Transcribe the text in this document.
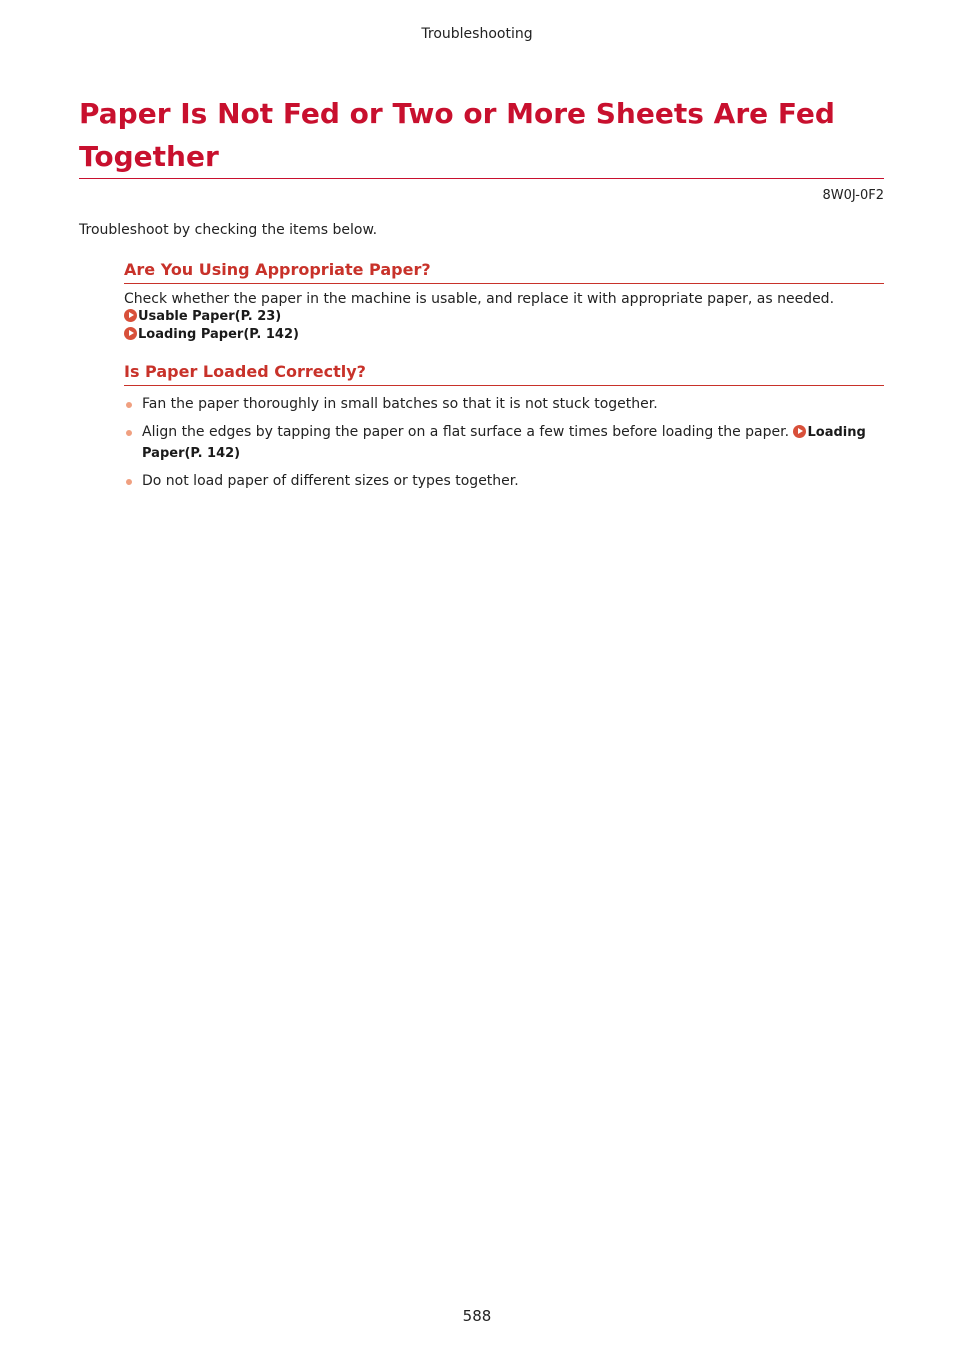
Troubleshooting
Paper Is Not Fed or Two or More Sheets Are Fed Together
8W0J-0F2
Troubleshoot by checking the items below.
Are You Using Appropriate Paper?
Check whether the paper in the machine is usable, and replace it with appropriate paper, as needed.
Usable Paper(P. 23)
Loading Paper(P. 142)
Is Paper Loaded Correctly?
Fan the paper thoroughly in small batches so that it is not stuck together.
Align the edges by tapping the paper on a flat surface a few times before loading the paper. Loading Paper(P. 142)
Do not load paper of different sizes or types together.
588
